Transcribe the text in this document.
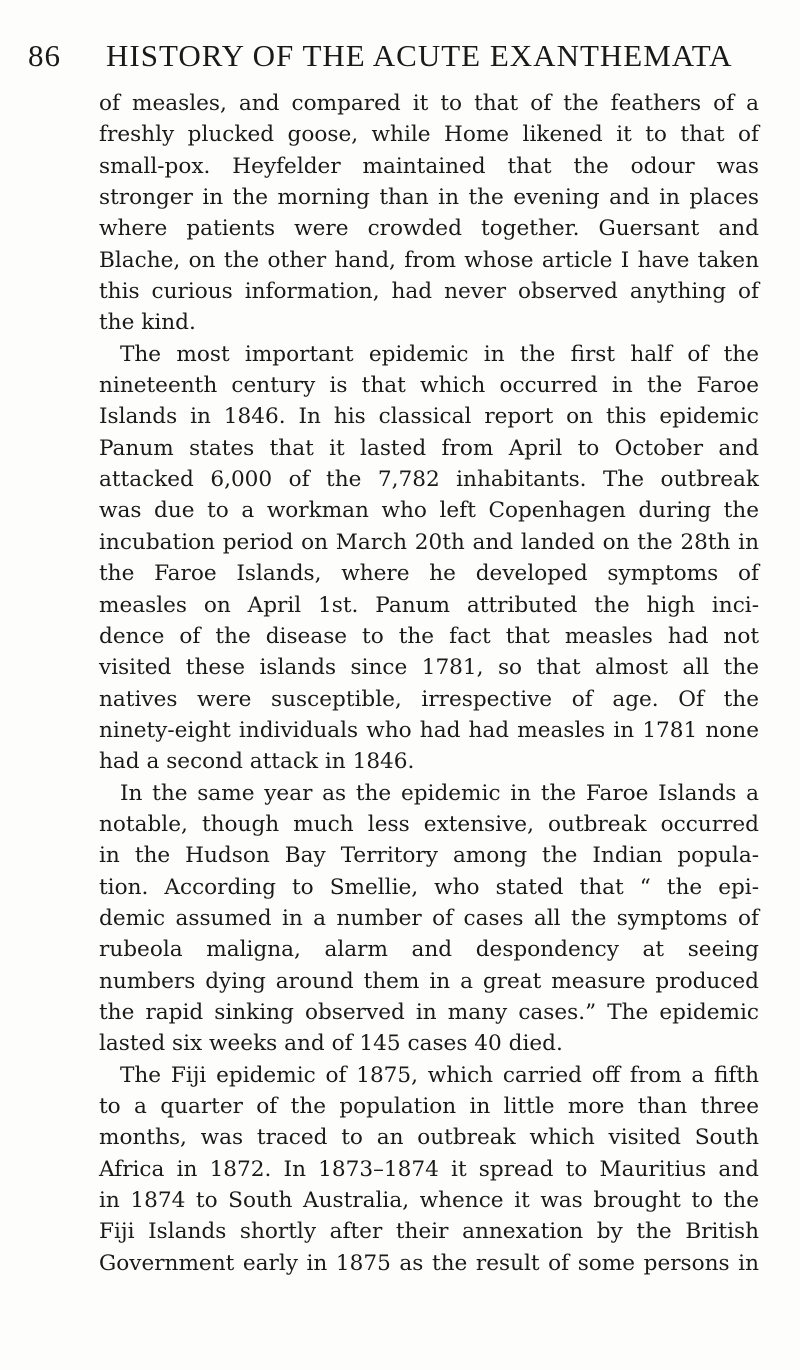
86 HISTORY OF THE ACUTE EXANTHEMATA
of measles, and compared it to that of the feathers of a
freshly plucked goose, while Home likened it to that of
small-pox. Heyfelder maintained that the odour was
stronger in the morning than in the evening and in places
where patients were crowded together. Guersant and
Blache, on the other hand, from whose article I have taken
this curious information, had never observed anything of
the kind.
The most important epidemic in the first half of the
nineteenth century is that which occurred in the Faroe
Islands in 1846. In his classical report on this epidemic
Panum states that it lasted from April to October and
attacked 6,000 of the 7,782 inhabitants. The outbreak
was due to a workman who left Copenhagen during the
incubation period on March 20th and landed on the 28th in
the Faroe Islands, where he developed symptoms of
measles on April 1st. Panum attributed the high inci-
dence of the disease to the fact that measles had not
visited these islands since 1781, so that almost all the
natives were susceptible, irrespective of age. Of the
ninety-eight individuals who had had measles in 1781 none
had a second attack in 1846.
In the same year as the epidemic in the Faroe Islands a
notable, though much less extensive, outbreak occurred
in the Hudson Bay Territory among the Indian popula-
tion. According to Smellie, who stated that “ the epi-
demic assumed in a number of cases all the symptoms of
rubeola maligna, alarm and despondency at seeing
numbers dying around them in a great measure produced
the rapid sinking observed in many cases.” The epidemic
lasted six weeks and of 145 cases 40 died.
The Fiji epidemic of 1875, which carried off from a fifth
to a quarter of the population in little more than three
months, was traced to an outbreak which visited South
Africa in 1872. In 1873–1874 it spread to Mauritius and
in 1874 to South Australia, whence it was brought to the
Fiji Islands shortly after their annexation by the British
Government early in 1875 as the result of some persons in
